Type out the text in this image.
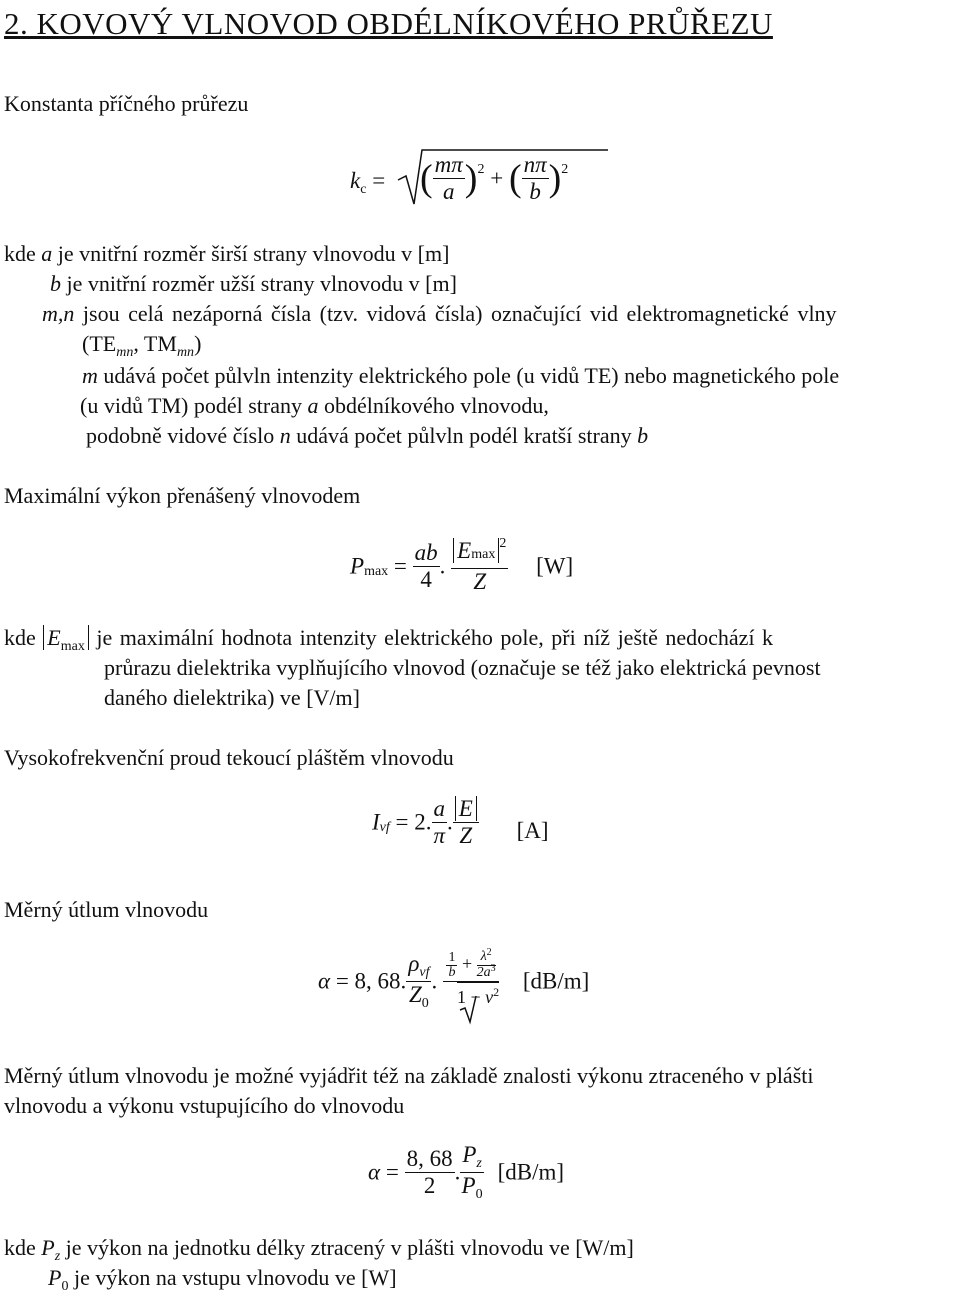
2. KOVOVÝ VLNOVOD OBDÉLNÍKOVÉHO PRŮŘEZU
Konstanta příčného průřezu
$k_c$ = ( $\frac{m\pi}{a} )^2$ + ( $\frac{n\pi}{b} )^2$
kde a je vnitřní rozměr širší strany vlnovodu v [m]
b je vnitřní rozměr užší strany vlnovodu v [m]
m,n jsou celá nezáporná čísla (tzv. vidová čísla) označující vid elektromagnetické vlny
($TE_{mn}$, $TM_{mn}$)
m udává počet půlvln intenzity elektrického pole (u vidů TE) nebo magnetického pole
(u vidů TM) podél strany a obdélníkového vlnovodu,
podobně vidové číslo n udává počet půlvln podél kratší strany b
Maximální výkon přenášený vlnovodem
$P_{max} = \frac{ab}{4}$ . $\frac{Emax^2}{Z} [W]$
kde $E_{max}$ je maximální hodnota intenzity elektrického pole, při níž ještě nedochází k
průrazu dielektrika vyplňujícího vlnovod (označuje se též jako elektrická pevnost
daného dielektrika) ve [V/m]
Vysokofrekvenční proud tekoucí pláštěm vlnovodu
$I_{vf} = 2$. $\frac{a}{\pi}$ . $\frac{E}{Z} [A]$
Měrný útlum vlnovodu
α = 8, 68. $\frac{\rho_{vf}}{Z_0}$ . $\frac{\frac{1}{b} + \frac{\lambda^2}{2a^3}}{1 - \nu^2} [dB/m]$
Měrný útlum vlnovodu je možné vyjádřit též na základě znalosti výkonu ztraceného v plášti
vlnovodu a výkonu vstupujícího do vlnovodu
$\alpha = \frac{8, 68}{2}$ . $\frac{P_z}{P_0} [dB/m]$
kde $P_z$ je výkon na jednotku délky ztracený v plášti vlnovodu ve [W/m]
$P_0$ je výkon na vstupu vlnovodu ve [W]
